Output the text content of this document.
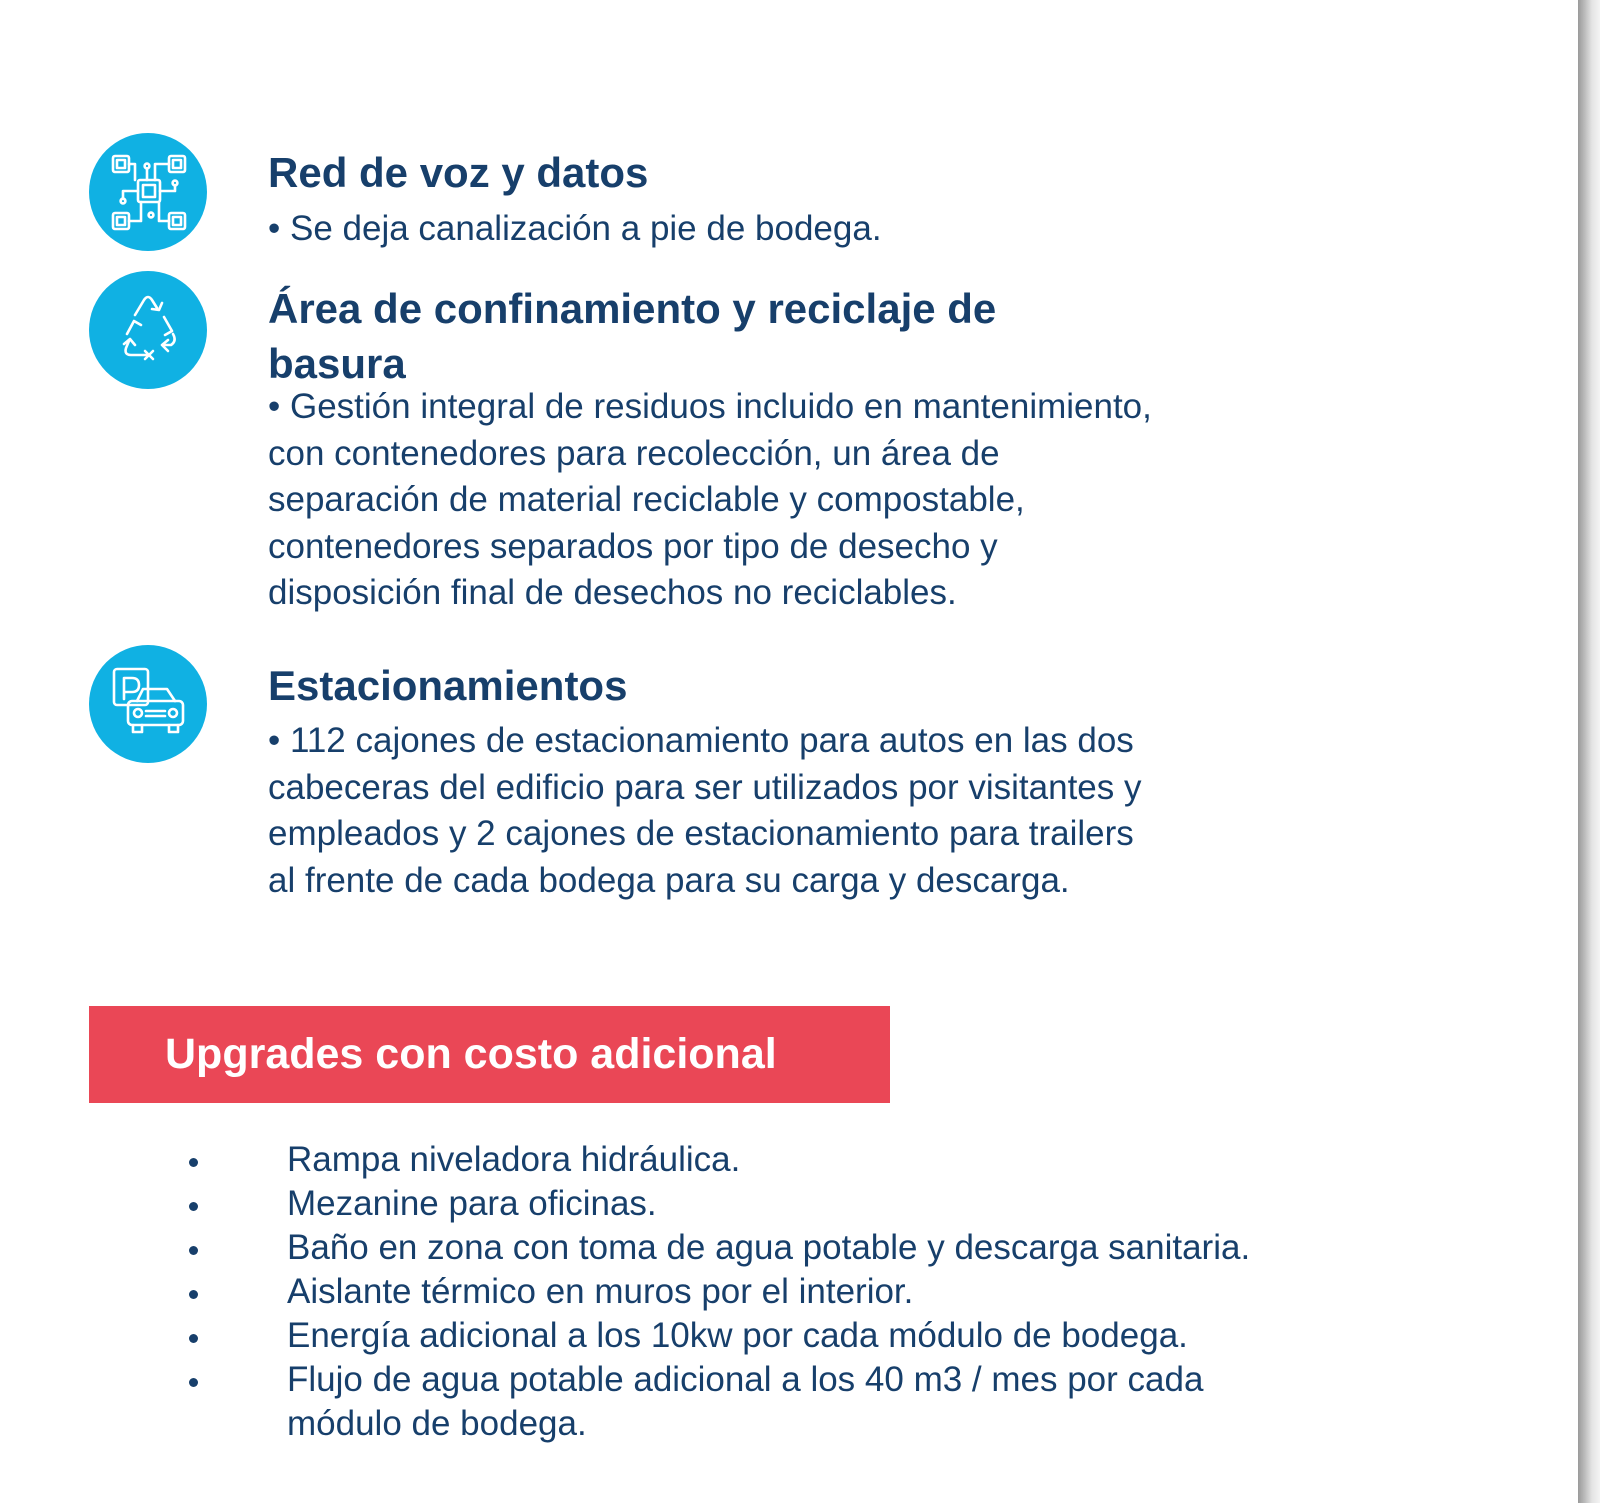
Red de voz y datos

• Se deja canalización a pie de bodega.

Área de confinamiento y reciclaje de basura

• Gestión integral de residuos incluido en mantenimiento, con contenedores para recolección, un área de separación de material reciclable y compostable, contenedores separados por tipo de desecho y disposición final de desechos no reciclables.

Estacionamientos

• 112 cajones de estacionamiento para autos en las dos cabeceras del edificio para ser utilizados por visitantes y empleados y 2 cajones de estacionamiento para trailers al frente de cada bodega para su carga y descarga.

Upgrades con costo adicional

Rampa niveladora hidráulica.
Mezanine para oficinas.
Baño en zona con toma de agua potable y descarga sanitaria.
Aislante térmico en muros por el interior.
Energía adicional a los 10kw por cada módulo de bodega.
Flujo de agua potable adicional a los 40 m3 / mes por cada módulo de bodega.
